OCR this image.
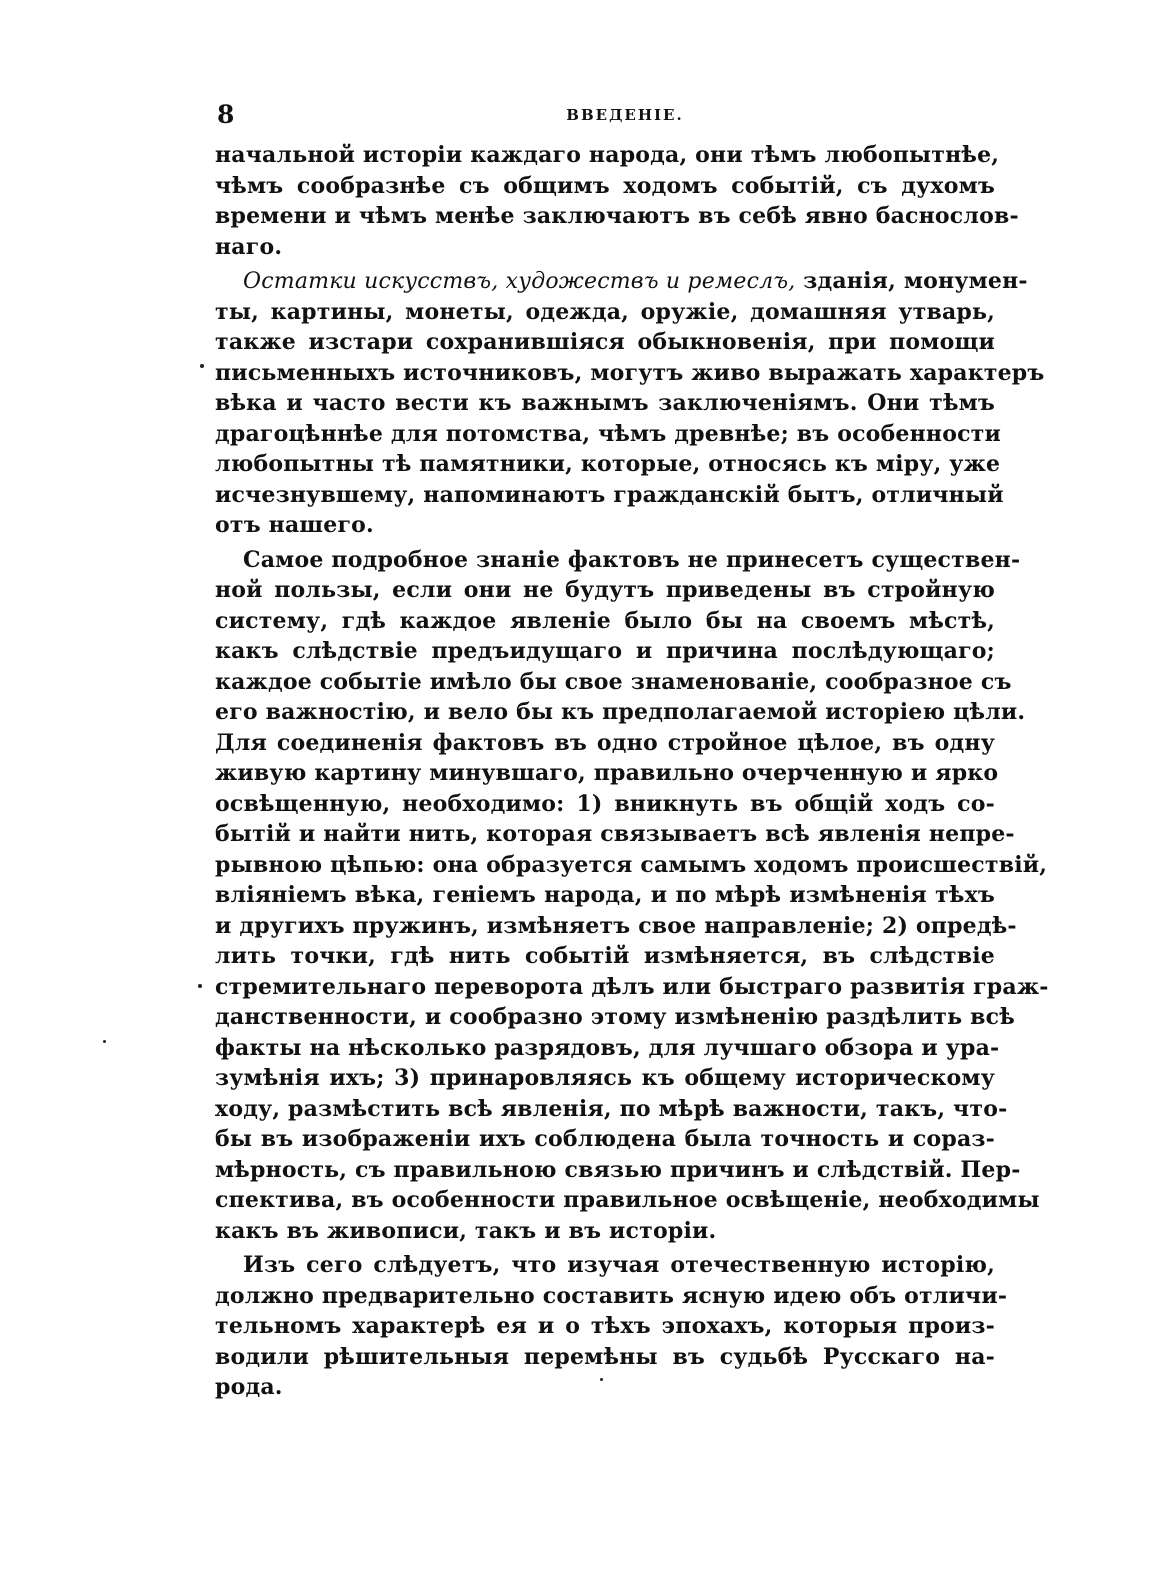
8	ВВЕДЕНІЕ.
начальной исторіи каждаго народа, они тѣмъ любопытнѣе,
чѣмъ сообразнѣе съ общимъ ходомъ событій, съ духомъ
времени и чѣмъ менѣе заключаютъ въ себѣ явно баснослов-
наго.
Остатки искусствъ, художествъ и ремеслъ, зданія, монумен-
ты, картины, монеты, одежда, оружіе, домашняя утварь,
также изстари сохранившіяся обыкновенія, при помощи
письменныхъ источниковъ, могутъ живо выражать характеръ
вѣка и часто вести къ важнымъ заключеніямъ. Они тѣмъ
драгоцѣннѣе для потомства, чѣмъ древнѣе; въ особенности
любопытны тѣ памятники, которые, относясь къ міру, уже
исчезнувшему, напоминаютъ гражданскій бытъ, отличный
отъ нашего.
Самое подробное знаніе фактовъ не принесетъ существен-
ной пользы, если они не будутъ приведены въ стройную
систему, гдѣ каждое явленіе было бы на своемъ мѣстѣ,
какъ слѣдствіе предъидущаго и причина послѣдующаго;
каждое событіе имѣло бы свое знаменованіе, сообразное съ
его важностію, и вело бы къ предполагаемой исторіею цѣли.
Для соединенія фактовъ въ одно стройное цѣлое, въ одну
живую картину минувшаго, правильно очерченную и ярко
освѣщенную, необходимо: 1) вникнуть въ общій ходъ со-
бытій и найти нить, которая связываетъ всѣ явленія непре-
рывною цѣпью: она образуется самымъ ходомъ происшествій,
вліяніемъ вѣка, геніемъ народа, и по мѣрѣ измѣненія тѣхъ
и другихъ пружинъ, измѣняетъ свое направленіе; 2) опредѣ-
лить точки, гдѣ нить событій измѣняется, въ слѣдствіе
стремительнаго переворота дѣлъ или быстраго развитія граж-
данственности, и сообразно этому измѣненію раздѣлить всѣ
факты на нѣсколько разрядовъ, для лучшаго обзора и ура-
зумѣнія ихъ; 3) принаровляясь къ общему историческому
ходу, размѣстить всѣ явленія, по мѣрѣ важности, такъ, что-
бы въ изображеніи ихъ соблюдена была точность и сораз-
мѣрность, съ правильною связью причинъ и слѣдствій. Пер-
спектива, въ особенности правильное освѣщеніе, необходимы
какъ въ живописи, такъ и въ исторіи.
Изъ сего слѣдуетъ, что изучая отечественную исторію,
должно предварительно составить ясную идею объ отличи-
тельномъ характерѣ ея и о тѣхъ эпохахъ, которыя произ-
водили рѣшительныя перемѣны въ судьбѣ Русскаго на-
рода.
